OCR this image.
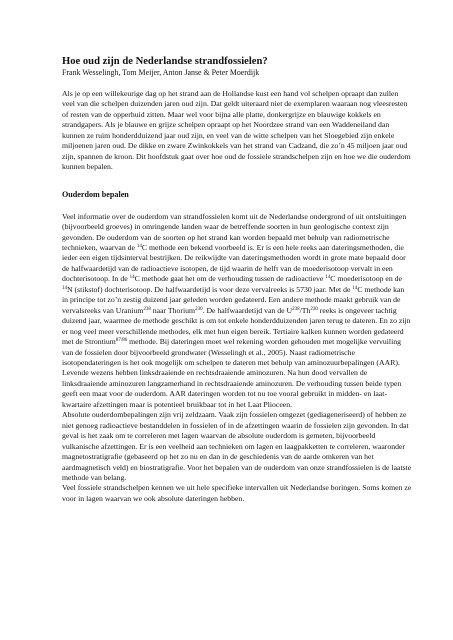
Hoe oud zijn de Nederlandse strandfossielen?
Frank Wesselingh, Tom Meijer, Anton Janse & Peter Moerdijk

Als je op een willekeurige dag op het strand aan de Hollandse kust een hand vol schelpen opraapt dan zullen veel van die schelpen duizenden jaren oud zijn. Dat geldt uiteraard niet de exemplaren waaraan nog vleesresten of resten van de opperhuid zitten. Maar wel voor bijna alle platte, donkergrijze en blauwige kokkels en strandgapers. Als je blauwe en grijze schelpen opraapt op het Noordzee strand van een Waddeneiland dan kunnen ze ruim honderdduizend jaar oud zijn, en veel van de witte schelpen van het Sloegebied zijn enkele miljoenen jaren oud. De dikke en zware Zwinkokkels van het strand van Cadzand, die zo’n 45 miljoen jaar oud zijn, spannen de kroon. Dit hoofdstuk gaat over hoe oud de fossiele strandschelpen zijn en hoe we die ouderdom kunnen bepalen.

Ouderdom bepalen

Veel informatie over de ouderdom van strandfossielen komt uit de Nederlandse ondergrond of uit ontsluitingen (bijvoorbeeld groeves) in omringende landen waar de betreffende soorten in hun geologische context zijn gevonden. De ouderdom van de soorten op het strand kan worden bepaald met behulp van radiometrische technieken, waarvan de $^{14}$C methode een bekend voorbeeld is. Er is een hele reeks aan dateringsmethoden, die ieder een eigen tijdsinterval bestrijken. De reikwijdte van dateringsmethoden wordt in grote mate bepaald door de halfwaardetijd van de radioactieve isotopen, de tijd waarin de helft van de moederisotoop vervalt in een dochterisotoop. In de $^{14}$C methode gaat het om de verhouding tussen de radioactieve $^{14}$C moederisotoop en de $^{14}$N (stikstof) dochterisotoop. De halfwaardetijd is voor deze vervalreeks is 5730 jaar. Met de $^{14}$C methode kan in principe tot zo’n zestig duizend jaar geleden worden gedateerd. Een andere methode maakt gebruik van de vervalsreeks van Uranium$^{238}$ naar Thorium$^{230}$. De halfwaardetijd van de $U^{238}/Th^{230}$ reeks is ongeveer tachtig duizend jaar, waarmee de methode geschikt is om tot enkele honderdduizenden jaren terug te dateren. En zo zijn er nog veel meer verschillende methodes, elk met hun eigen bereik. Tertiaire kalken kunnen worden gedateerd met de Strontium$^{87/86}$ methode. Bij dateringen moet wel rekening worden gehouden met mogelijke vervuiling van de fossielen door bijvoorbeeld grondwater (Wesselingh et al., 2005). Naast radiometrische isotopendateringen is het ook mogelijk om schelpen te dateren met behulp van aminozuurbepalingen (AAR). Levende wezens hebben linksdraaiende en rechtsdraaiende aminozuren. Na hun dood vervallen de linksdraaiende aminozuren langzamerhand in rechtsdraaiende aminozuren. De verhouding tussen beide typen geeft een maat voor de ouderdom. AAR dateringen worden tot nu toe vooral gebruikt in midden- en laat-kwartaire afzettingen maar is potentieel bruikbaar tot in het Laat Plioceen.

Absolute ouderdombepalingen zijn vrij zeldzaam. Vaak zijn fossielen omgezet (gediageneriseerd) of hebben ze niet genoeg radioactieve bestanddelen in fossielen of in de afzettingen waarin de fossielen zijn gevonden. In dat geval is het zaak om te correleren met lagen waarvan de absolute ouderdom is gemeten, bijvoorbeeld vulkanische afzettingen. Er is een veelheid aan technieken om lagen en laagpakketten te correleren, waaronder magnetostratigrafie (gebaseerd op het zo nu en dan in de geschiedenis van de aarde omkeren van het aardmagnetisch veld) en biostratigrafie. Voor het bepalen van de ouderdom van onze strandfossielen is de laatste methode van belang.

Veel fossiele strandschelpen kennen we uit hele specifieke intervallen uit Nederlandse boringen. Soms komen ze voor in lagen waarvan we ook absolute dateringen hebben.
